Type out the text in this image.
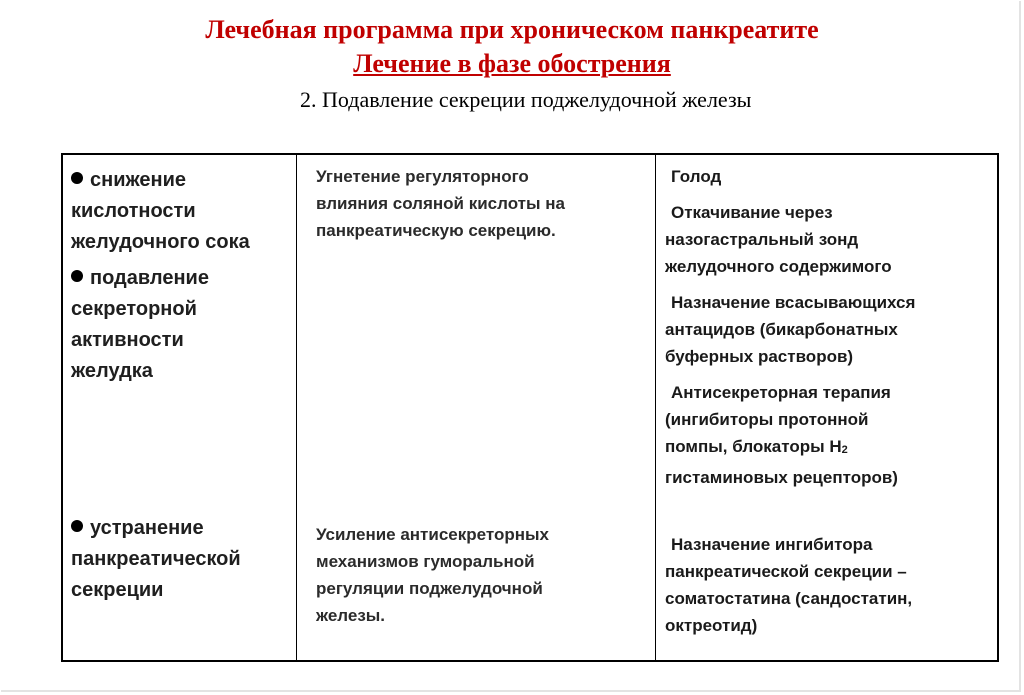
Лечебная программа при хроническом панкреатите
Лечение в фазе обострения
2. Подавление секреции поджелудочной железы
снижение
кислотности
желудочного сока
подавление
секреторной
активности
желудка
устранение
панкреатической
секреции
Угнетение регуляторного
влияния соляной кислоты на
панкреатическую секрецию.
Усиление антисекреторных
механизмов гуморальной
регуляции поджелудочной
железы.
Голод
Откачивание через
назогастральный зонд
желудочного содержимого
Назначение всасывающихся
антацидов (бикарбонатных
буферных растворов)
Антисекреторная терапия
(ингибиторы протонной
помпы, блокаторы $Н_2$
гистаминовых рецепторов)
Назначение ингибитора
панкреатической секреции –
соматостатина (сандостатин,
октреотид)
